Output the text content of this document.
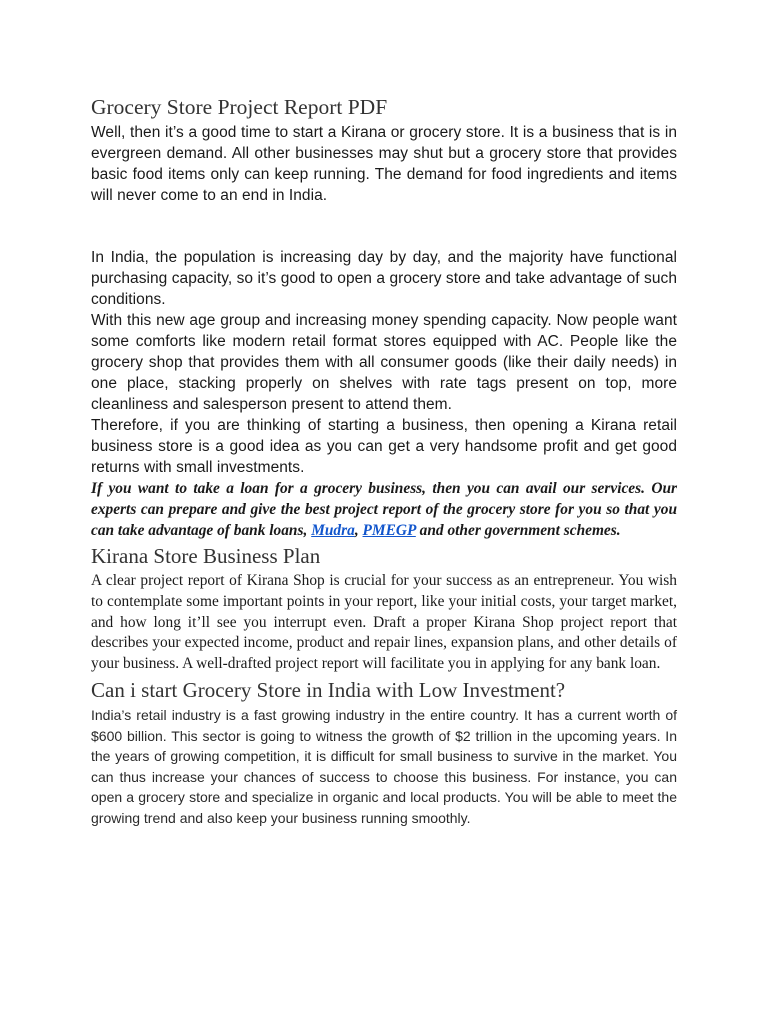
Grocery Store Project Report PDF

Well, then it’s a good time to start a Kirana or grocery store. It is a business that is in evergreen demand. All other businesses may shut but a grocery store that provides basic food items only can keep running. The demand for food ingredients and items will never come to an end in India.

In India, the population is increasing day by day, and the majority have functional purchasing capacity, so it’s good to open a grocery store and take advantage of such conditions.

With this new age group and increasing money spending capacity. Now people want some comforts like modern retail format stores equipped with AC. People like the grocery shop that provides them with all consumer goods (like their daily needs) in one place, stacking properly on shelves with rate tags present on top, more cleanliness and salesperson present to attend them.

Therefore, if you are thinking of starting a business, then opening a Kirana retail business store is a good idea as you can get a very handsome profit and get good returns with small investments.

If you want to take a loan for a grocery business, then you can avail our services. Our experts can prepare and give the best project report of the grocery store for you so that you can take advantage of bank loans, Mudra, PMEGP and other government schemes.

Kirana Store Business Plan

A clear project report of Kirana Shop is crucial for your success as an entrepreneur. You wish to contemplate some important points in your report, like your initial costs, your target market, and how long it’ll see you interrupt even. Draft a proper Kirana Shop project report that describes your expected income, product and repair lines, expansion plans, and other details of your business. A well-drafted project report will facilitate you in applying for any bank loan.

Can i start Grocery Store in India with Low Investment?

India’s retail industry is a fast growing industry in the entire country. It has a current worth of $600 billion. This sector is going to witness the growth of $2 trillion in the upcoming years. In the years of growing competition, it is difficult for small business to survive in the market. You can thus increase your chances of success to choose this business. For instance, you can open a grocery store and specialize in organic and local products. You will be able to meet the growing trend and also keep your business running smoothly.
